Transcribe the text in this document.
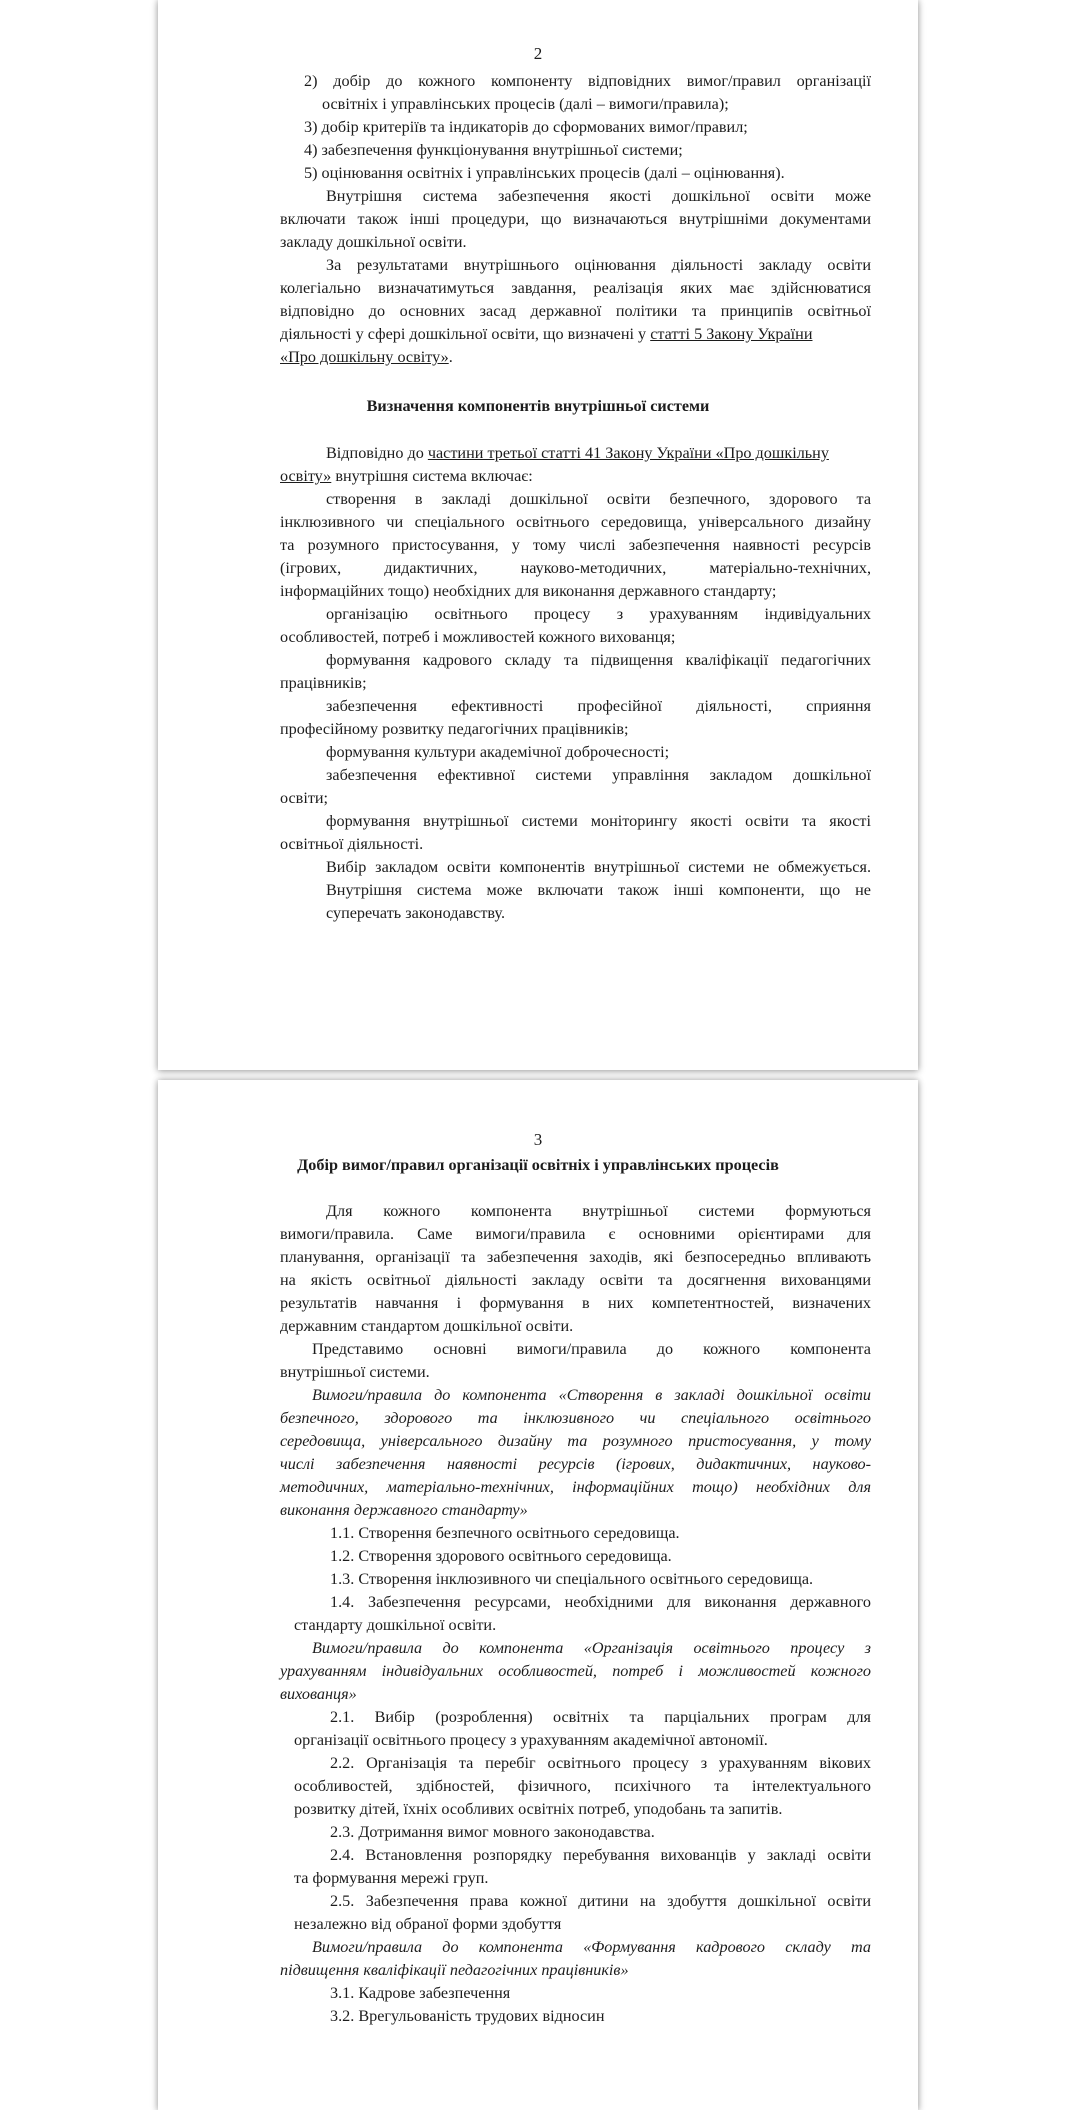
2
2) добір до кожного компоненту відповідних вимог/правил організації
освітніх і управлінських процесів (далі – вимоги/правила);
3) добір критеріїв та індикаторів до сформованих вимог/правил;
4) забезпечення функціонування внутрішньої системи;
5) оцінювання освітніх і управлінських процесів (далі – оцінювання).
Внутрішня система забезпечення якості дошкільної освіти може
включати також інші процедури, що визначаються внутрішніми документами
закладу дошкільної освіти.
За результатами внутрішнього оцінювання діяльності закладу освіти
колегіально визначатимуться завдання, реалізація яких має здійснюватися
відповідно до основних засад державної політики та принципів освітньої
діяльності у сфері дошкільної освіти, що визначені у статті 5 Закону України
«Про дошкільну освіту».
Визначення компонентів внутрішньої системи
Відповідно до частини третьої статті 41 Закону України «Про дошкільну
освіту» внутрішня система включає:
створення в закладі дошкільної освіти безпечного, здорового та
інклюзивного чи спеціального освітнього середовища, універсального дизайну
та розумного пристосування, у тому числі забезпечення наявності ресурсів
(ігрових, дидактичних, науково-методичних, матеріально-технічних,
інформаційних тощо) необхідних для виконання державного стандарту;
організацію освітнього процесу з урахуванням індивідуальних
особливостей, потреб і можливостей кожного вихованця;
формування кадрового складу та підвищення кваліфікації педагогічних
працівників;
забезпечення ефективності професійної діяльності, сприяння
професійному розвитку педагогічних працівників;
формування культури академічної доброчесності;
забезпечення ефективної системи управління закладом дошкільної
освіти;
формування внутрішньої системи моніторингу якості освіти та якості
освітньої діяльності.
Вибір закладом освіти компонентів внутрішньої системи не обмежується.
Внутрішня система може включати також інші компоненти, що не
суперечать законодавству.
3
Добір вимог/правил організації освітніх і управлінських процесів
Для кожного компонента внутрішньої системи формуються
вимоги/правила. Саме вимоги/правила є основними орієнтирами для
планування, організації та забезпечення заходів, які безпосередньо впливають
на якість освітньої діяльності закладу освіти та досягнення вихованцями
результатів навчання і формування в них компетентностей, визначених
державним стандартом дошкільної освіти.
Представимо основні вимоги/правила до кожного компонента
внутрішньої системи.
Вимоги/правила до компонента «Створення в закладі дошкільної освіти
безпечного, здорового та інклюзивного чи спеціального освітнього
середовища, універсального дизайну та розумного пристосування, у тому
числі забезпечення наявності ресурсів (ігрових, дидактичних, науково-
методичних, матеріально-технічних, інформаційних тощо) необхідних для
виконання державного стандарту»
1.1. Створення безпечного освітнього середовища.
1.2. Створення здорового освітнього середовища.
1.3. Створення інклюзивного чи спеціального освітнього середовища.
1.4. Забезпечення ресурсами, необхідними для виконання державного
стандарту дошкільної освіти.
Вимоги/правила до компонента «Організація освітнього процесу з
урахуванням індивідуальних особливостей, потреб і можливостей кожного
вихованця»
2.1. Вибір (розроблення) освітніх та парціальних програм для
організації освітнього процесу з урахуванням академічної автономії.
2.2. Організація та перебіг освітнього процесу з урахуванням вікових
особливостей, здібностей, фізичного, психічного та інтелектуального
розвитку дітей, їхніх особливих освітніх потреб, уподобань та запитів.
2.3. Дотримання вимог мовного законодавства.
2.4. Встановлення розпорядку перебування вихованців у закладі освіти
та формування мережі груп.
2.5. Забезпечення права кожної дитини на здобуття дошкільної освіти
незалежно від обраної форми здобуття
Вимоги/правила до компонента «Формування кадрового складу та
підвищення кваліфікації педагогічних працівників»
3.1. Кадрове забезпечення
3.2. Врегульованість трудових відносин
